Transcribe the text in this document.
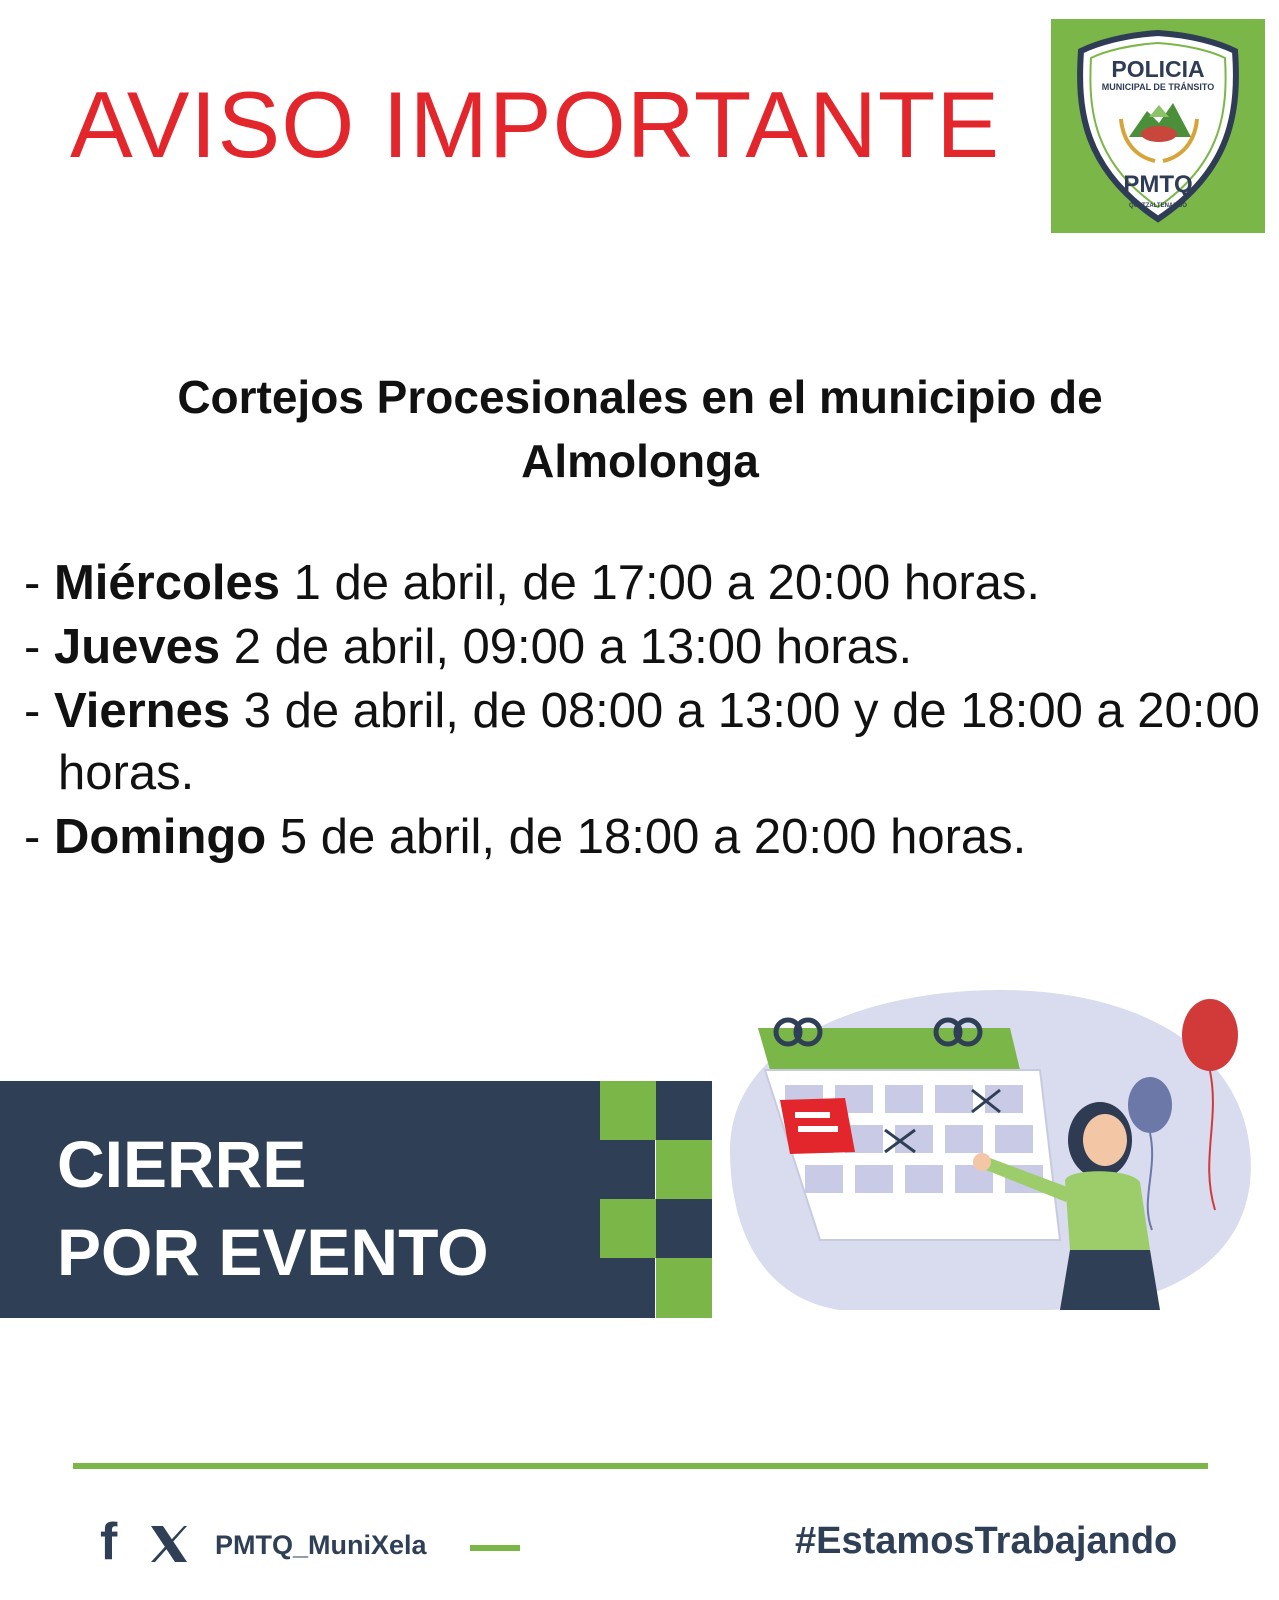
AVISO IMPORTANTE
POLICIA
MUNICIPAL DE TRÁNSITO
PMTQ
QUETZALTENANGO
Cortejos Procesionales en el municipio de
Almolonga
- Miércoles 1 de abril, de 17:00 a 20:00 horas.
- Jueves 2 de abril, 09:00 a 13:00 horas.
- Viernes 3 de abril, de 08:00 a 13:00 y de 18:00 a 20:00 horas.
- Domingo 5 de abril, de 18:00 a 20:00 horas.
CIERRE
POR EVENTO
f	PMTQ_MuniXela	#EstamosTrabajando
